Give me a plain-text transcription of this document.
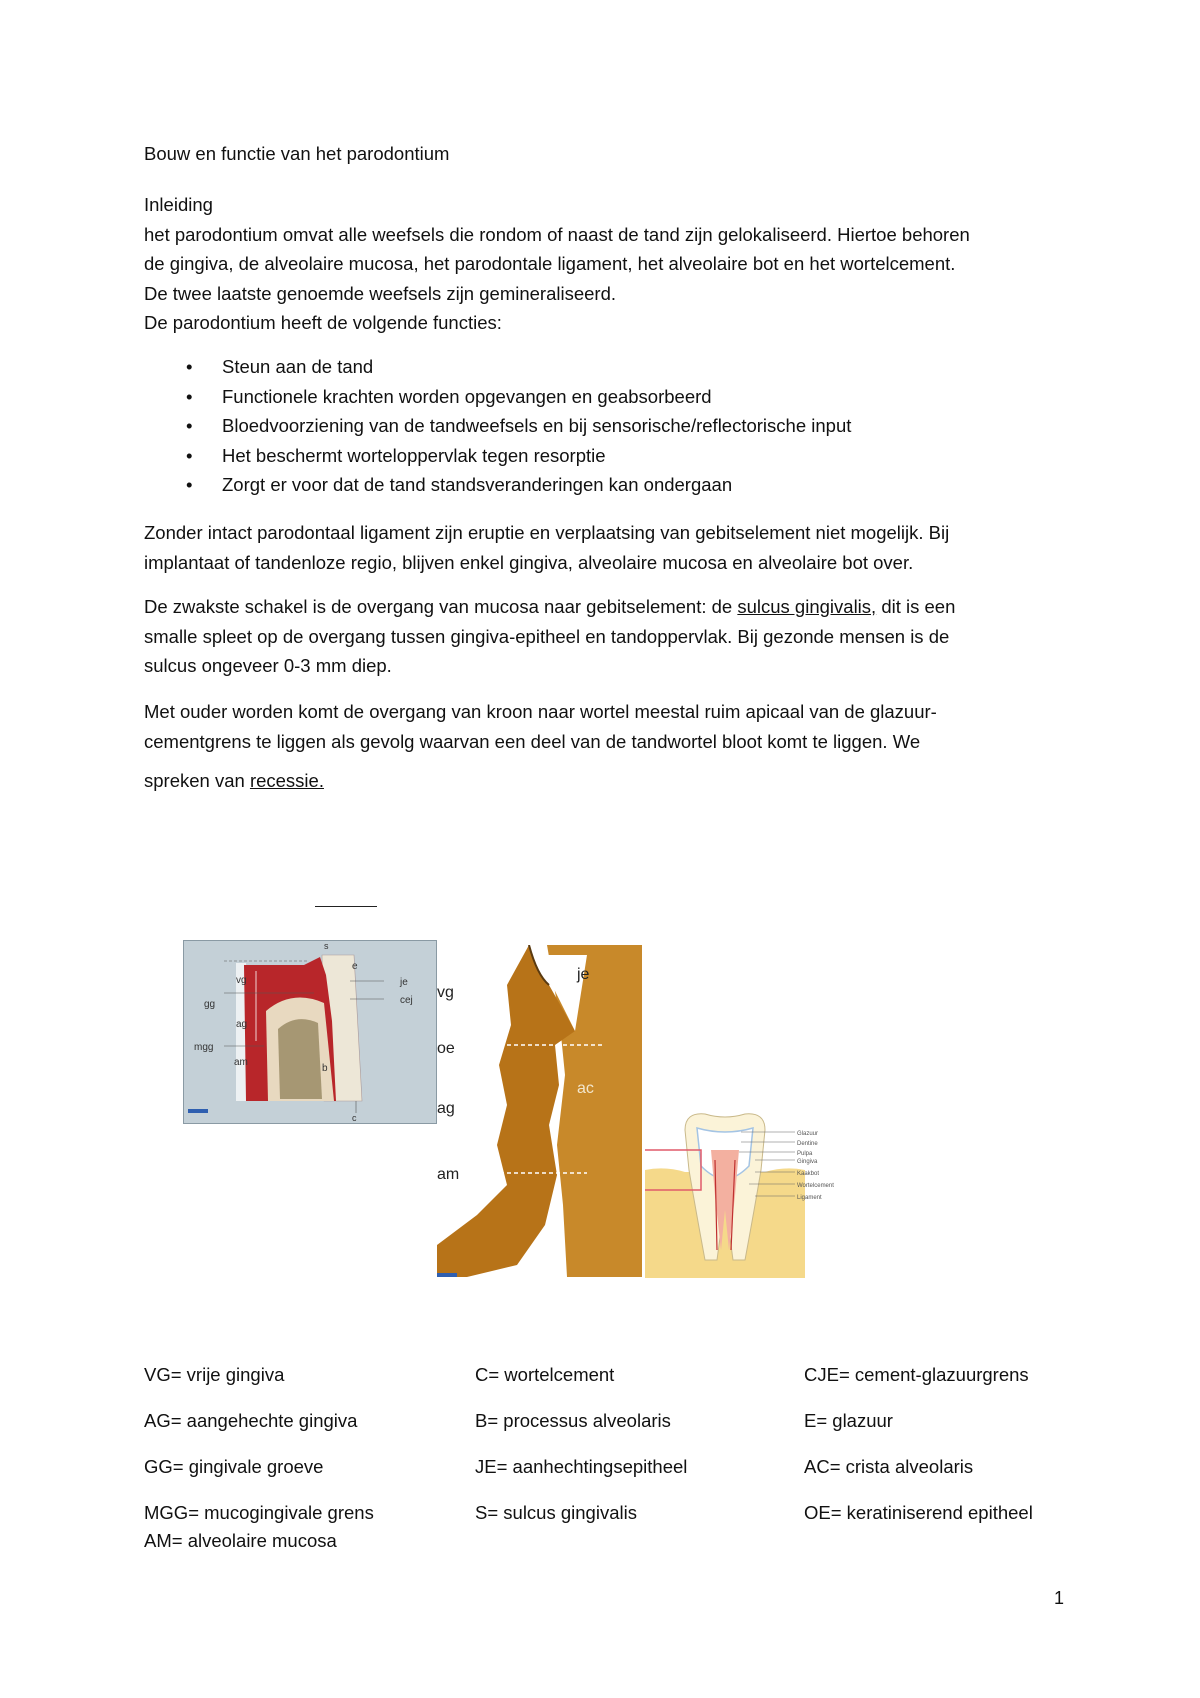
Bouw en functie van het parodontium

Inleiding

het parodontium omvat alle weefsels die rondom of naast de tand zijn gelokaliseerd. Hiertoe behoren

de gingiva, de alveolaire mucosa, het parodontale ligament, het alveolaire bot en het wortelcement.

De twee laatste genoemde weefsels zijn gemineraliseerd.

De parodontium heeft de volgende functies:

• Steun aan de tand
• Functionele krachten worden opgevangen en geabsorbeerd
• Bloedvoorziening van de tandweefsels en bij sensorische/reflectorische input
• Het beschermt worteloppervlak tegen resorptie
• Zorgt er voor dat de tand standsveranderingen kan ondergaan

Zonder intact parodontaal ligament zijn eruptie en verplaatsing van gebitselement niet mogelijk. Bij

implantaat of tandenloze regio, blijven enkel gingiva, alveolaire mucosa en alveolaire bot over.

De zwakste schakel is de overgang van mucosa naar gebitselement: de sulcus gingivalis, dit is een

smalle spleet op de overgang tussen gingiva-epitheel en tandoppervlak. Bij gezonde mensen is de

sulcus ongeveer 0-3 mm diep.

Met ouder worden komt de overgang van kroon naar wortel meestal ruim apicaal van de glazuur-

cementgrens te liggen als gevolg waarvan een deel van de tandwortel bloot komt te liggen. We

spreken van recessie.
vg
gg
ag
mgg
am
s
e
je
cej
c
b
vg
je
oe
ac
ag
am
Glazuur
Dentine
Pulpa
Gingiva
Kaakbot
Wortelcement
Ligament
VG= vrije gingiva	C= wortelcement	CJE= cement-glazuurgrens
AG= aangehechte gingiva	B= processus alveolaris	E= glazuur
GG= gingivale groeve	JE= aanhechtingsepitheel	AC= crista alveolaris
MGG= mucogingivale grens	S= sulcus gingivalis	OE= keratiniserend epitheel
AM= alveolaire mucosa
1
